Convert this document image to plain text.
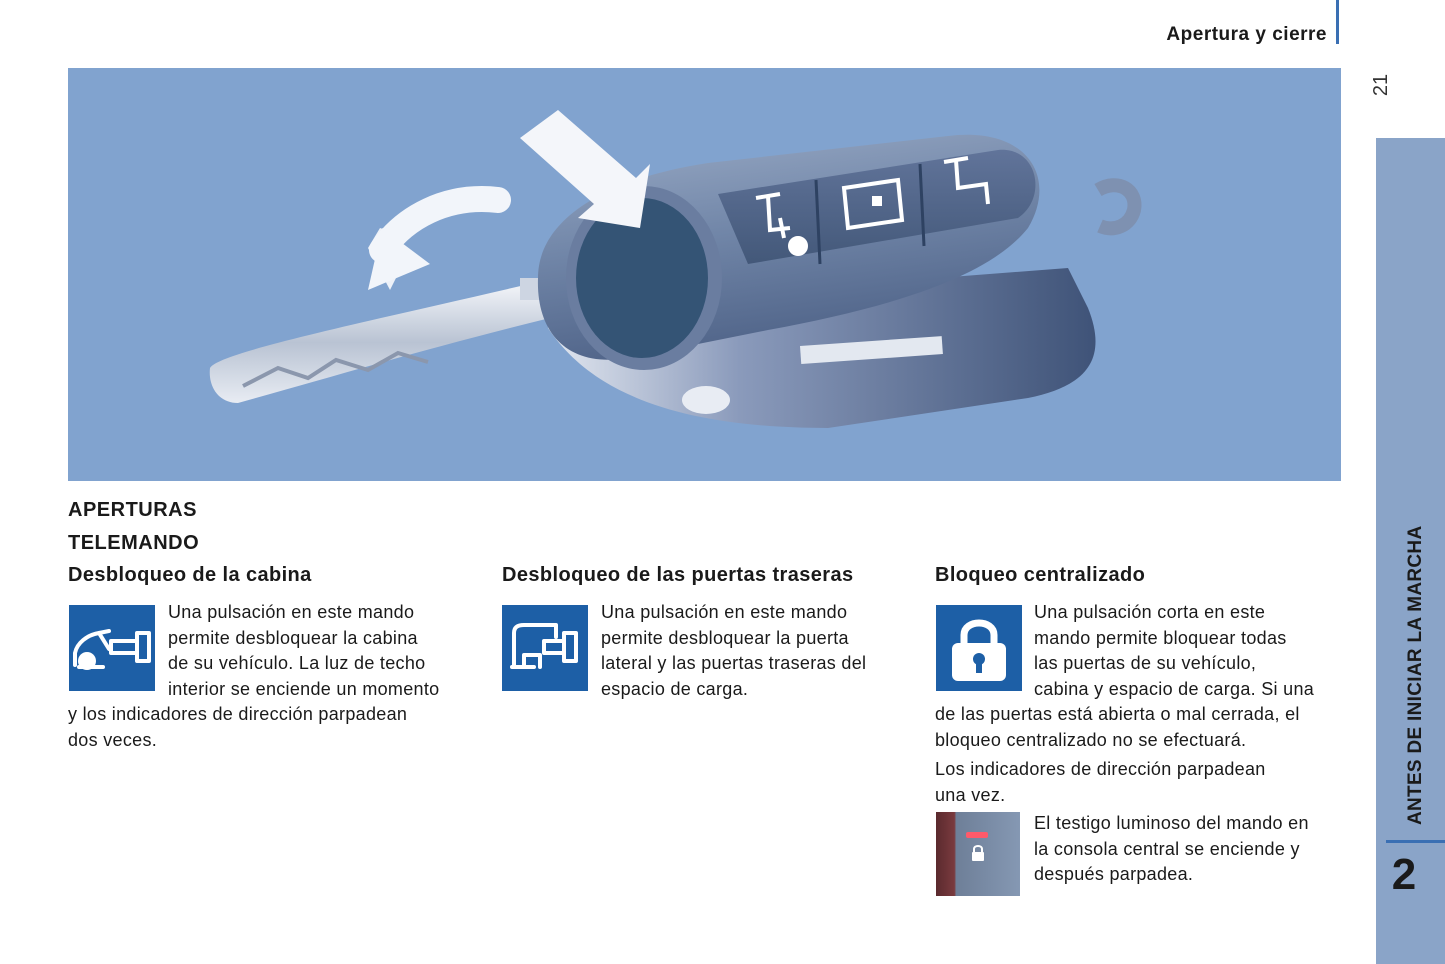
Apertura y cierre
21
ANTES DE INICIAR LA MARCHA
2
APERTURAS
TELEMANDO
Desbloqueo de la cabina
Una pulsación en este mando
permite desbloquear la cabina
de su vehículo. La luz de techo
interior se enciende un momento
y los indicadores de dirección parpadean
dos veces.
Desbloqueo de las puertas traseras
Una pulsación en este mando
permite desbloquear la puerta
lateral y las puertas traseras del
espacio de carga.
Bloqueo centralizado
Una pulsación corta en este
mando permite bloquear todas
las puertas de su vehículo,
cabina y espacio de carga. Si una
de las puertas está abierta o mal cerrada, el
bloqueo centralizado no se efectuará.
Los indicadores de dirección parpadean
una vez.
El testigo luminoso del mando en
la consola central se enciende y
después parpadea.
